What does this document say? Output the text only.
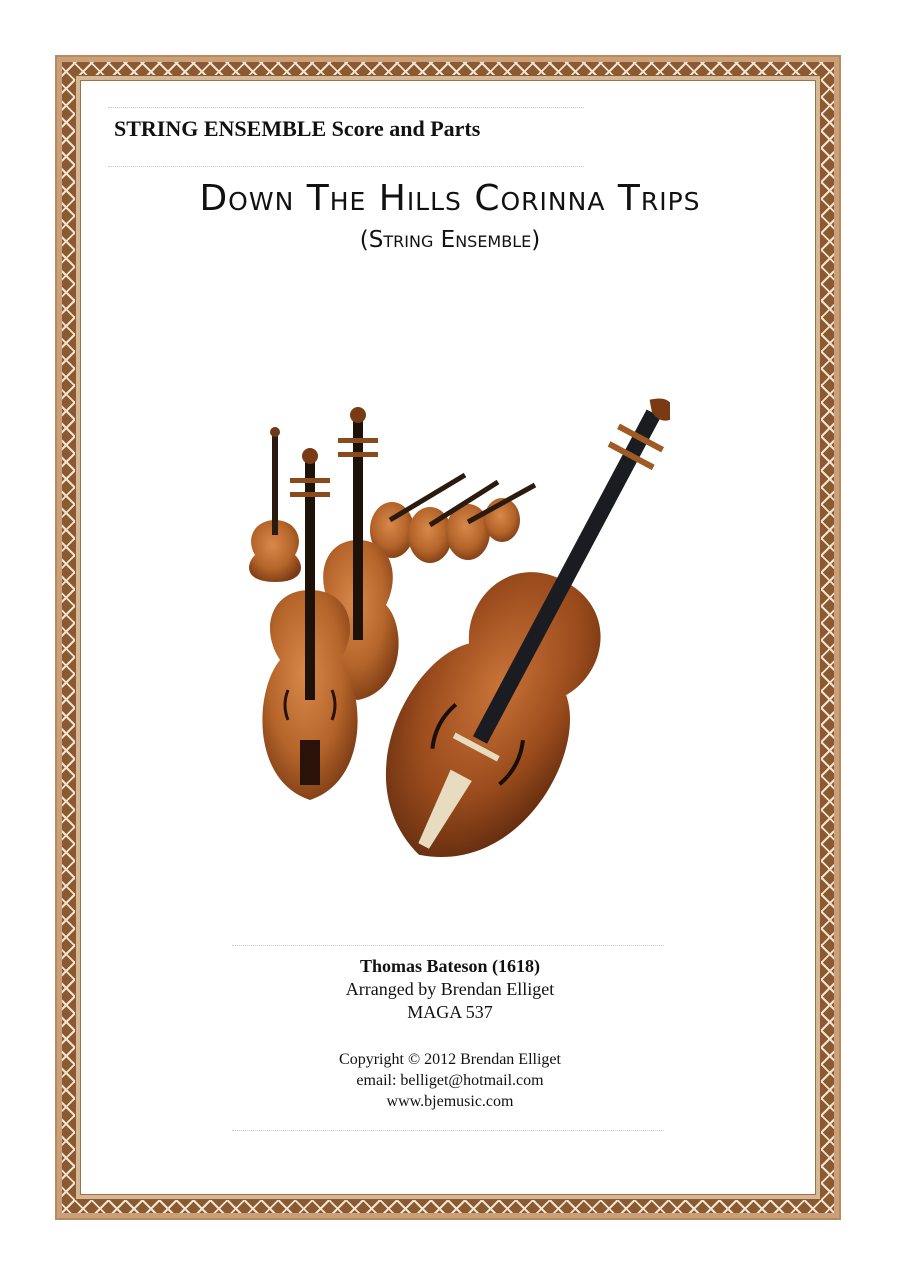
STRING ENSEMBLE Score and Parts
Down The Hills Corinna Trips
(String Ensemble)
Thomas Bateson (1618)
Arranged by Brendan Elliget
MAGA 537
Copyright © 2012 Brendan Elliget
email: belliget@hotmail.com
www.bjemusic.com
